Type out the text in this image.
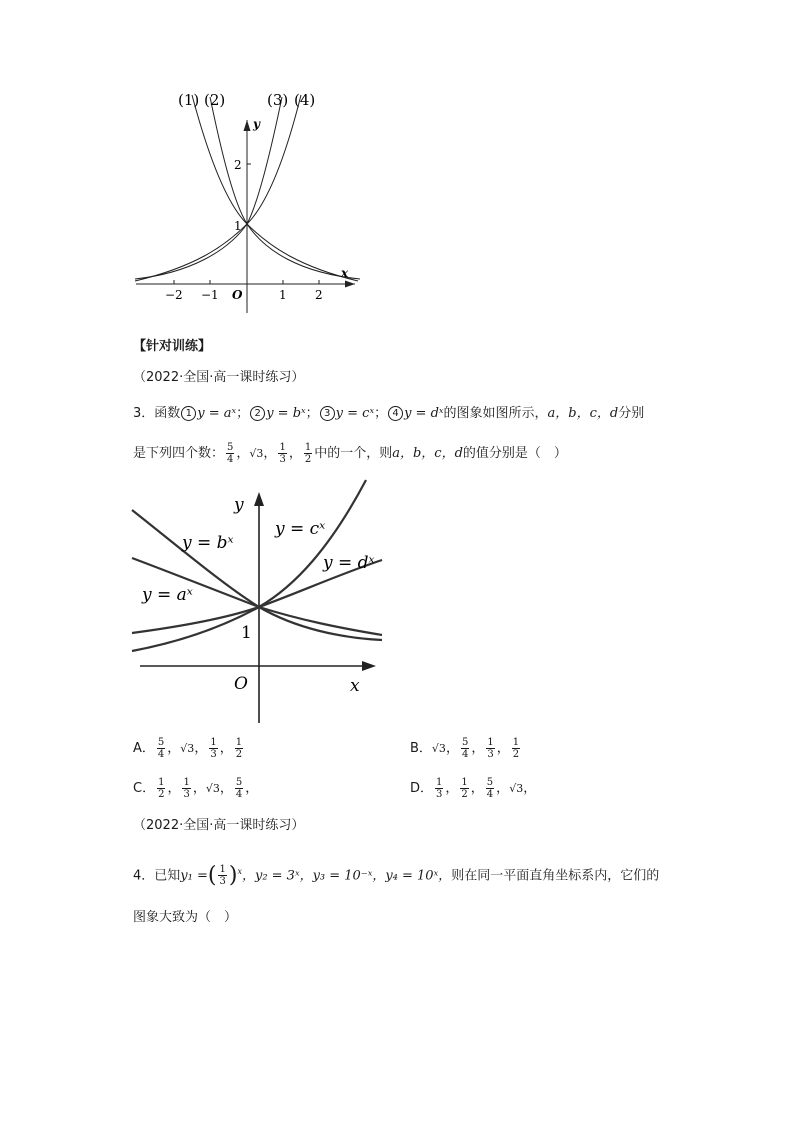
(1) (2)	(3) (4)
y
x
O
−2 −1	1 2
1
2
【针对训练】
（2022·全国·高一课时练习）
3．函数 1 y = aˣ； 2 y = bˣ； 3 y = cˣ； 4 y = dˣ的图象如图所示，a，b，c，d分别
是下列四个数： $\frac{5}{4}$ ，√3， $\frac{1}{3}$ ， $\frac{1}{2}$ 中的一个，则a，b，c，d的值分别是（　）
y = bˣ
y = cˣ
y = dˣ
y = aˣ
1
O
y
x
A． $\frac{5}{4}$ ，√3， $\frac{1}{3}$ ， $\frac{1}{2}$	B．√3， $\frac{5}{4}$ ， $\frac{1}{3}$ ， $\frac{1}{2}$
C． $\frac{1}{2}$ ， $\frac{1}{3}$ ，√3， $\frac{5}{4}$ ，	D． $\frac{1}{3}$ ， $\frac{1}{2}$ ， $\frac{5}{4}$ ，√3，
（2022·全国·高一课时练习）
4．已知y₁ =( $\frac{1}{3} )^x$，y₂ = 3ˣ，y₃ = 10⁻ˣ，y₄ = 10ˣ，则在同一平面直角坐标系内，它们的
图象大致为（　）
